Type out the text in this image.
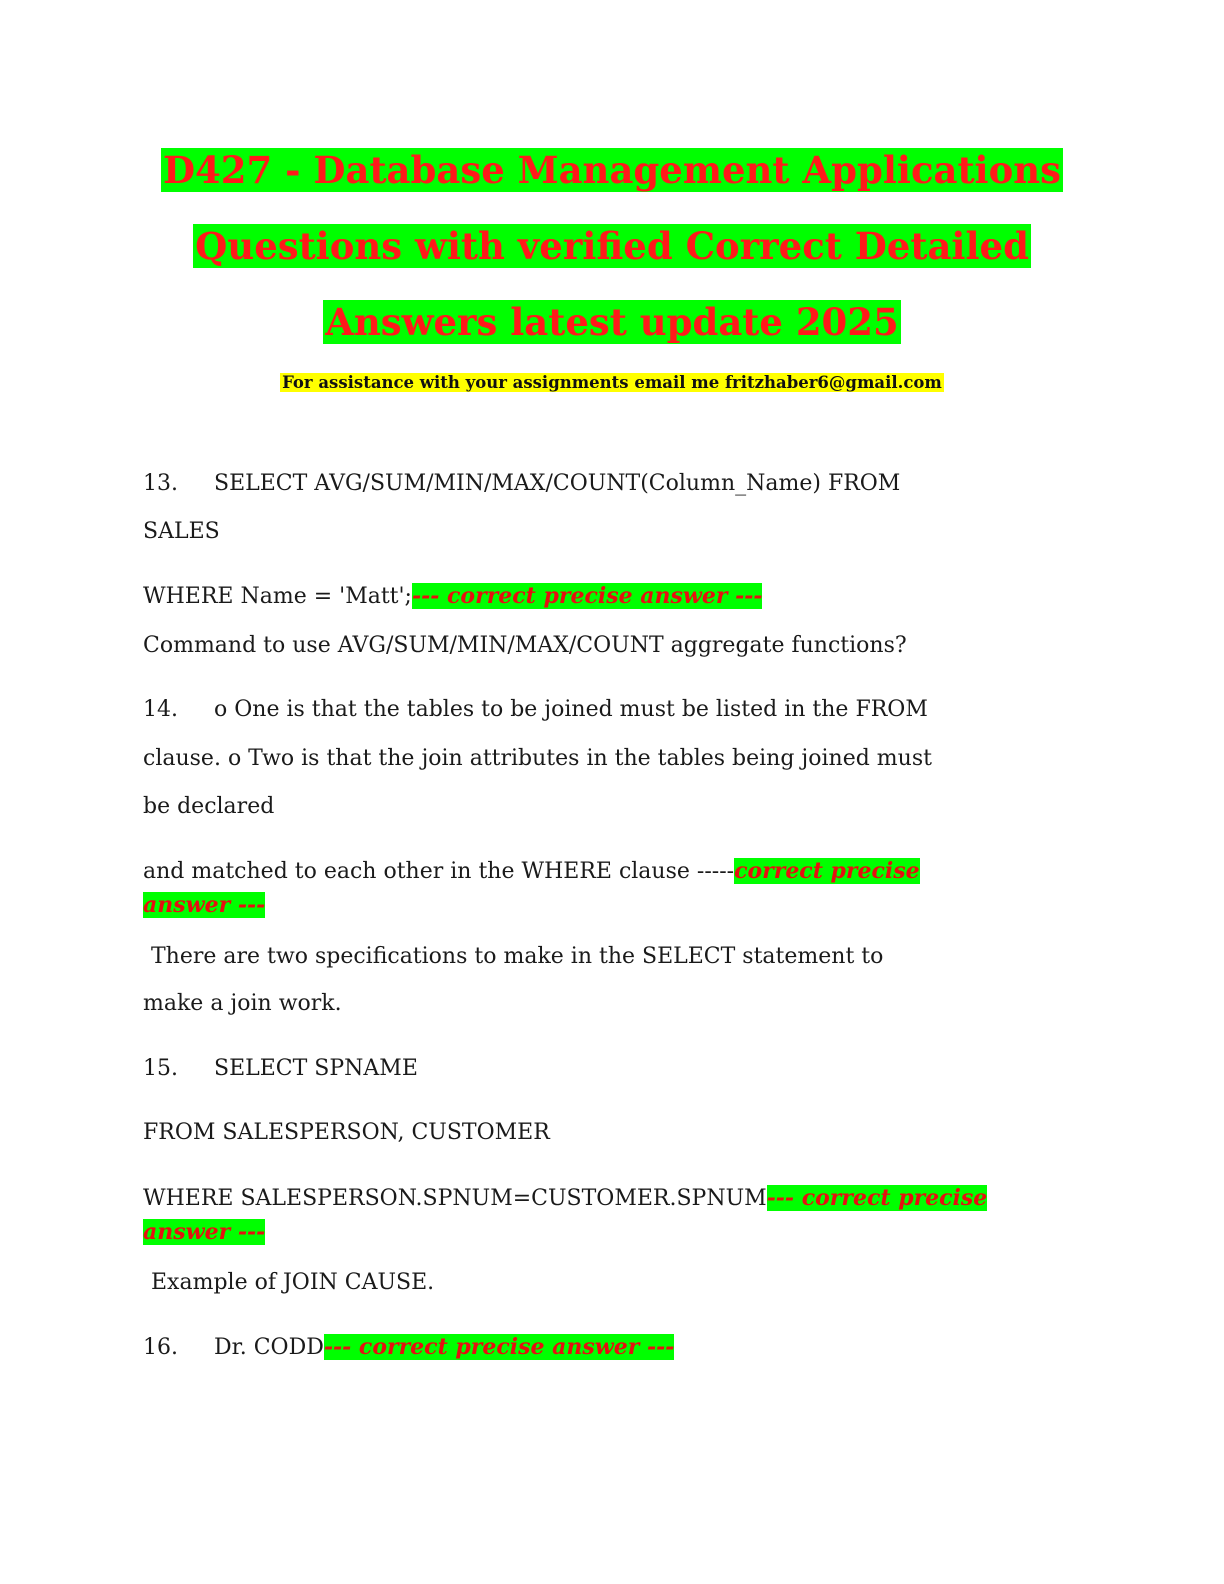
D427 - Database Management Applications
Questions with verified Correct Detailed
Answers latest update 2025
For assistance with your assignments email me fritzhaber6@gmail.com
13. SELECT AVG/SUM/MIN/MAX/COUNT(Column_Name) FROM
SALES
WHERE Name = 'Matt';--- correct precise answer ---
Command to use AVG/SUM/MIN/MAX/COUNT aggregate functions?
14. o One is that the tables to be joined must be listed in the FROM
clause. o Two is that the join attributes in the tables being joined must
be declared
and matched to each other in the WHERE clause -----correct precise
answer ---
There are two specifications to make in the SELECT statement to
make a join work.
15. SELECT SPNAME
FROM SALESPERSON, CUSTOMER
WHERE SALESPERSON.SPNUM=CUSTOMER.SPNUM--- correct precise
answer ---
Example of JOIN CAUSE.
16. Dr. CODD--- correct precise answer ---
